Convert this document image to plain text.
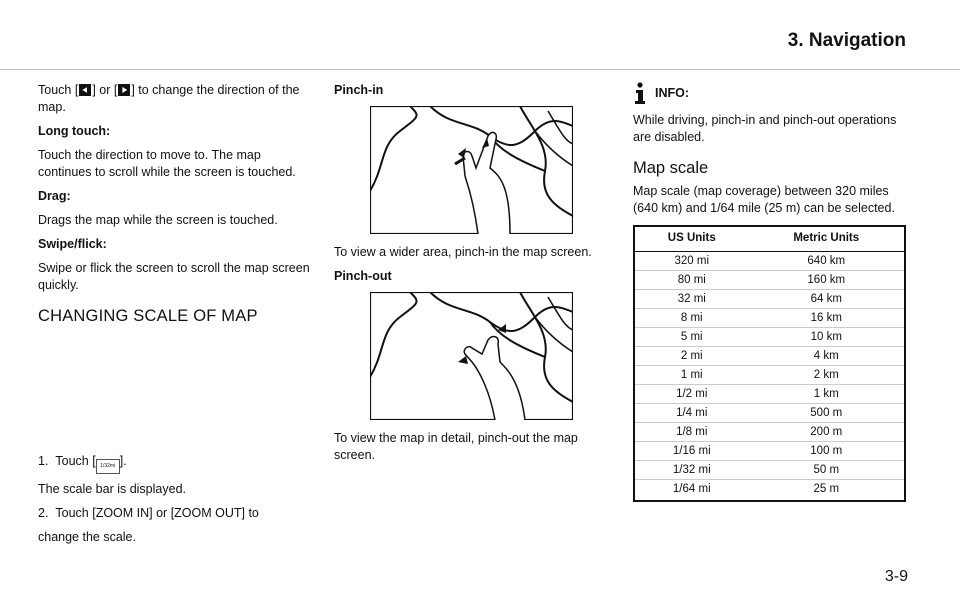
3. Navigation

Touch [ ] or [ ] to change the direction of the map.

Long touch:

Touch the direction to move to. The map continues to scroll while the screen is touched.

Drag:

Drags the map while the screen is touched.

Swipe/flick:

Swipe or flick the screen to scroll the map screen quickly.

CHANGING SCALE OF MAP

1. Touch [ 1/32mi ].

The scale bar is displayed.

2. Touch [ZOOM IN] or [ZOOM OUT] to

change the scale.

Pinch-in

To view a wider area, pinch-in the map screen.

Pinch-out

To view the map in detail, pinch-out the map screen.

INFO:

While driving, pinch-in and pinch-out operations are disabled.

Map scale

Map scale (map coverage) between 320 miles (640 km) and 1/64 mile (25 m) can be selected.

US Units	Metric Units
320 mi	640 km
80 mi	160 km
32 mi	64 km
8 mi	16 km
5 mi	10 km
2 mi	4 km
1 mi	2 km
1/2 mi	1 km
1/4 mi	500 m
1/8 mi	200 m
1/16 mi	100 m
1/32 mi	50 m
1/64 mi	25 m
3-9
